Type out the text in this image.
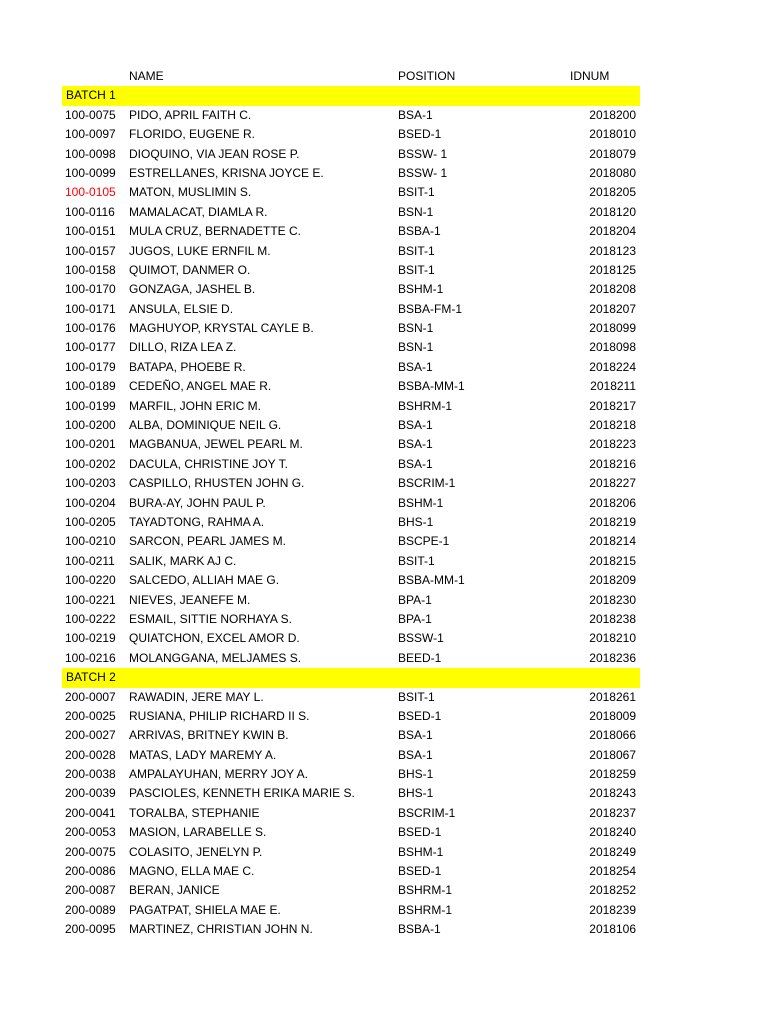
NAME	POSITION	IDNUM
BATCH 1
100-0075 PIDO, APRIL FAITH C.	BSA-1	2018200
100-0097 FLORIDO, EUGENE R.	BSED-1	2018010
100-0098 DIOQUINO, VIA JEAN ROSE P.	BSSW- 1	2018079
100-0099 ESTRELLANES, KRISNA JOYCE E.	BSSW- 1	2018080
100-0105 MATON, MUSLIMIN S.	BSIT-1	2018205
100-0116 MAMALACAT, DIAMLA R.	BSN-1	2018120
100-0151 MULA CRUZ, BERNADETTE C.	BSBA-1	2018204
100-0157 JUGOS, LUKE ERNFIL M.	BSIT-1	2018123
100-0158 QUIMOT, DANMER O.	BSIT-1	2018125
100-0170 GONZAGA, JASHEL B.	BSHM-1	2018208
100-0171 ANSULA, ELSIE D.	BSBA-FM-1	2018207
100-0176 MAGHUYOP, KRYSTAL CAYLE B.	BSN-1	2018099
100-0177 DILLO, RIZA LEA Z.	BSN-1	2018098
100-0179 BATAPA, PHOEBE R.	BSA-1	2018224
100-0189 CEDEÑO, ANGEL MAE R.	BSBA-MM-1	2018211
100-0199 MARFIL, JOHN ERIC M.	BSHRM-1	2018217
100-0200 ALBA, DOMINIQUE NEIL G.	BSA-1	2018218
100-0201 MAGBANUA, JEWEL PEARL M.	BSA-1	2018223
100-0202 DACULA, CHRISTINE JOY T.	BSA-1	2018216
100-0203 CASPILLO, RHUSTEN JOHN G.	BSCRIM-1	2018227
100-0204 BURA-AY, JOHN PAUL P.	BSHM-1	2018206
100-0205 TAYADTONG, RAHMA A.	BHS-1	2018219
100-0210 SARCON, PEARL JAMES M.	BSCPE-1	2018214
100-0211 SALIK, MARK AJ C.	BSIT-1	2018215
100-0220 SALCEDO, ALLIAH MAE G.	BSBA-MM-1	2018209
100-0221 NIEVES, JEANEFE M.	BPA-1	2018230
100-0222 ESMAIL, SITTIE NORHAYA S.	BPA-1	2018238
100-0219 QUIATCHON, EXCEL AMOR D.	BSSW-1	2018210
100-0216 MOLANGGANA, MELJAMES S.	BEED-1	2018236
BATCH 2
200-0007 RAWADIN, JERE MAY L.	BSIT-1	2018261
200-0025 RUSIANA, PHILIP RICHARD II S.	BSED-1	2018009
200-0027 ARRIVAS, BRITNEY KWIN B.	BSA-1	2018066
200-0028 MATAS, LADY MAREMY A.	BSA-1	2018067
200-0038 AMPALAYUHAN, MERRY JOY A.	BHS-1	2018259
200-0039 PASCIOLES, KENNETH ERIKA MARIE S.	BHS-1	2018243
200-0041 TORALBA, STEPHANIE	BSCRIM-1	2018237
200-0053 MASION, LARABELLE S.	BSED-1	2018240
200-0075 COLASITO, JENELYN P.	BSHM-1	2018249
200-0086 MAGNO, ELLA MAE C.	BSED-1	2018254
200-0087 BERAN, JANICE	BSHRM-1	2018252
200-0089 PAGATPAT, SHIELA MAE E.	BSHRM-1	2018239
200-0095 MARTINEZ, CHRISTIAN JOHN N.	BSBA-1	2018106
